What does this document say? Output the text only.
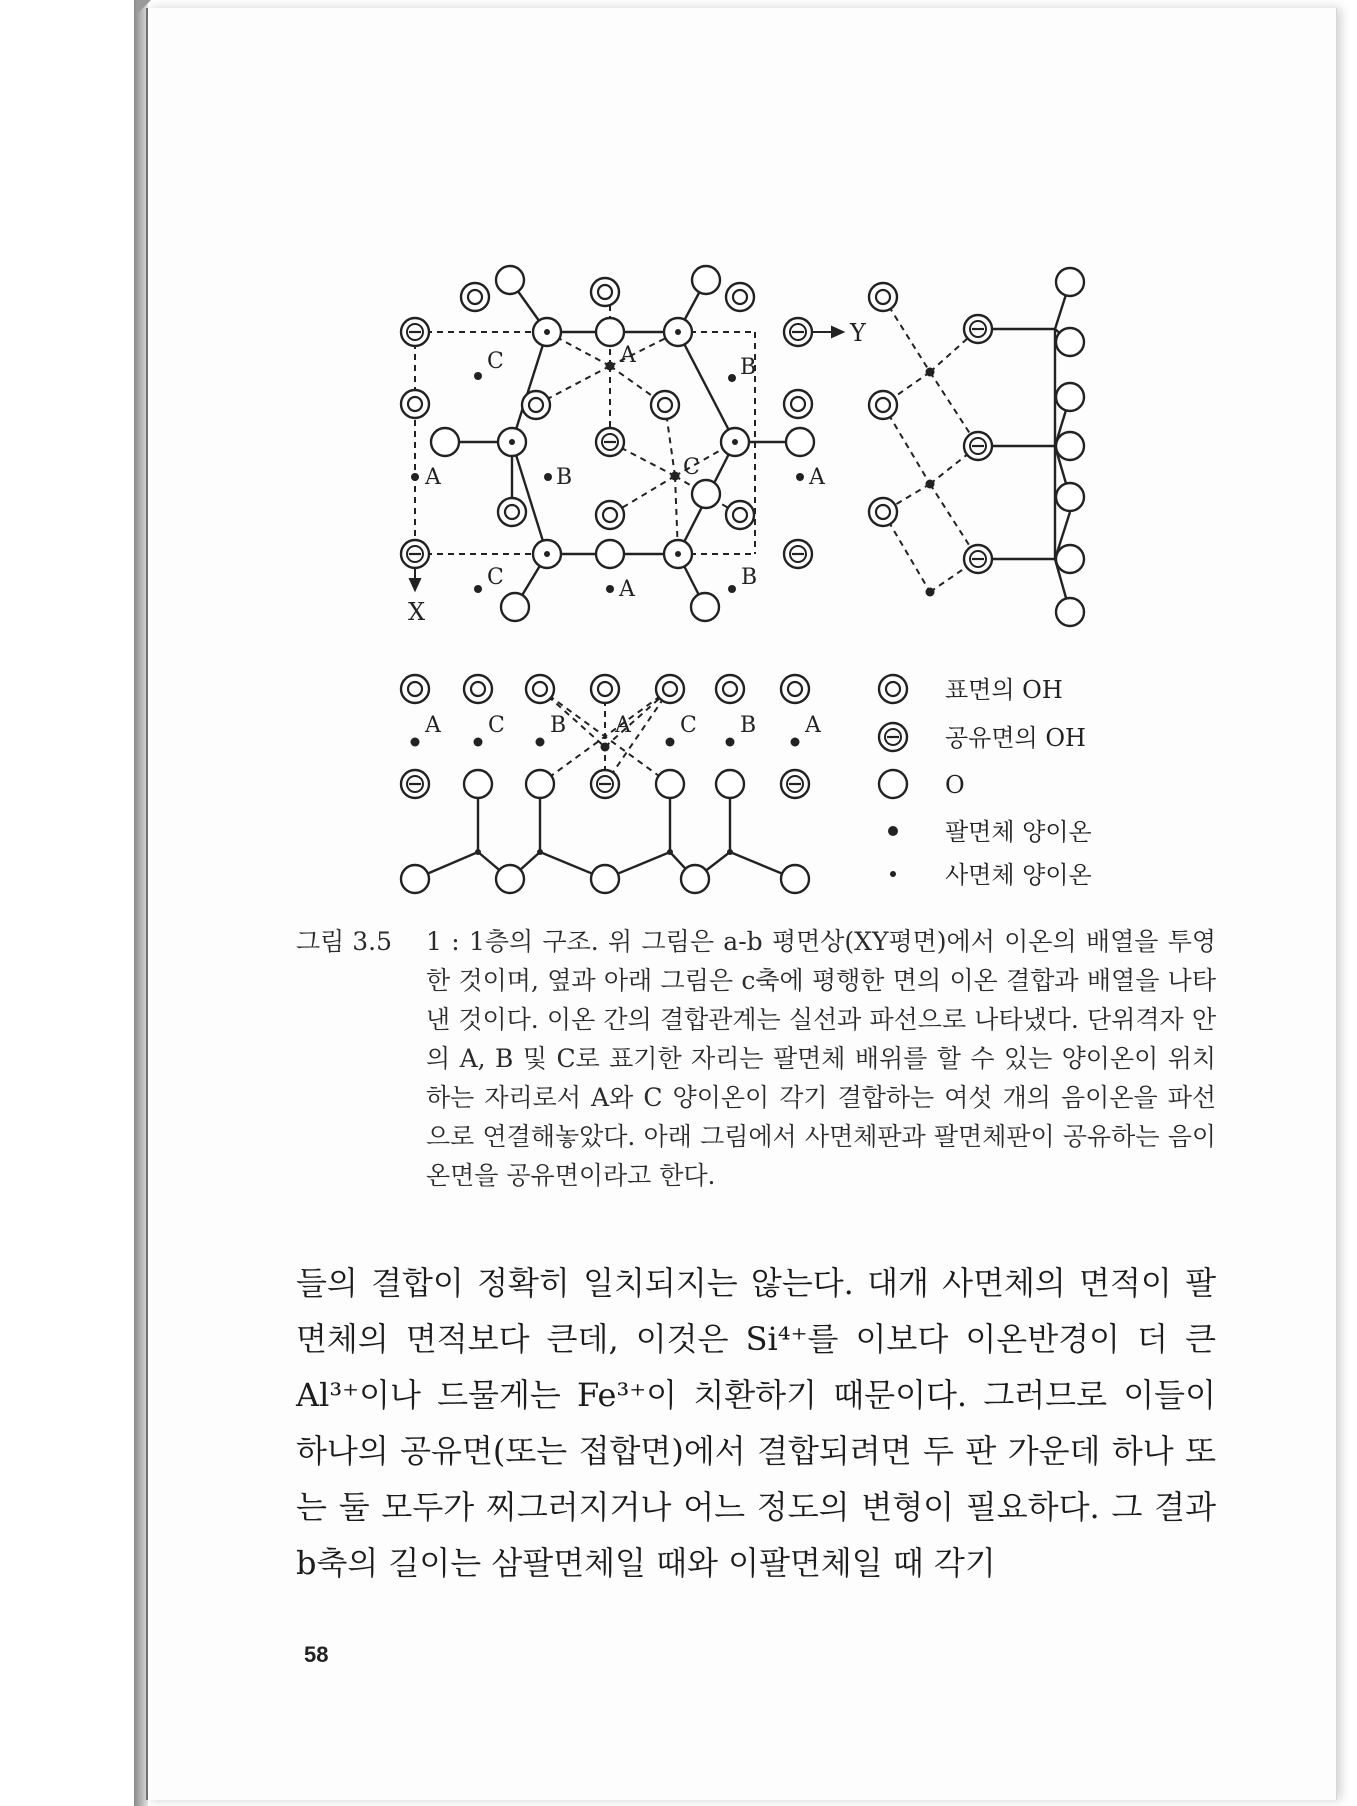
Y
X
C	A	B
A	B	C	A
C	A	B
A C B A C B A
표면의 OH
공유면의 OH
O
팔면체 양이온
사면체 양이온
그림 3.5 1 : 1층의 구조. 위 그림은 a-b 평면상(XY평면)에서 이온의 배열을 투영한 것이며, 옆과 아래 그림은 c축에 평행한 면의 이온 결합과 배열을 나타낸 것이다. 이온 간의 결합관계는 실선과 파선으로 나타냈다. 단위격자 안의 A, B 및 C로 표기한 자리는 팔면체 배위를 할 수 있는 양이온이 위치하는 자리로서 A와 C 양이온이 각기 결합하는 여섯 개의 음이온을 파선으로 연결해놓았다. 아래 그림에서 사면체판과 팔면체판이 공유하는 음이온면을 공유면이라고 한다.

들의 결합이 정확히 일치되지는 않는다. 대개 사면체의 면적이 팔면체의 면적보다 큰데, 이것은 Si⁴⁺를 이보다 이온반경이 더 큰 Al³⁺이나 드물게는 Fe³⁺이 치환하기 때문이다. 그러므로 이들이 하나의 공유면(또는 접합면)에서 결합되려면 두 판 가운데 하나 또는 둘 모두가 찌그러지거나 어느 정도의 변형이 필요하다. 그 결과 b축의 길이는 삼팔면체일 때와 이팔면체일 때 각기

58
